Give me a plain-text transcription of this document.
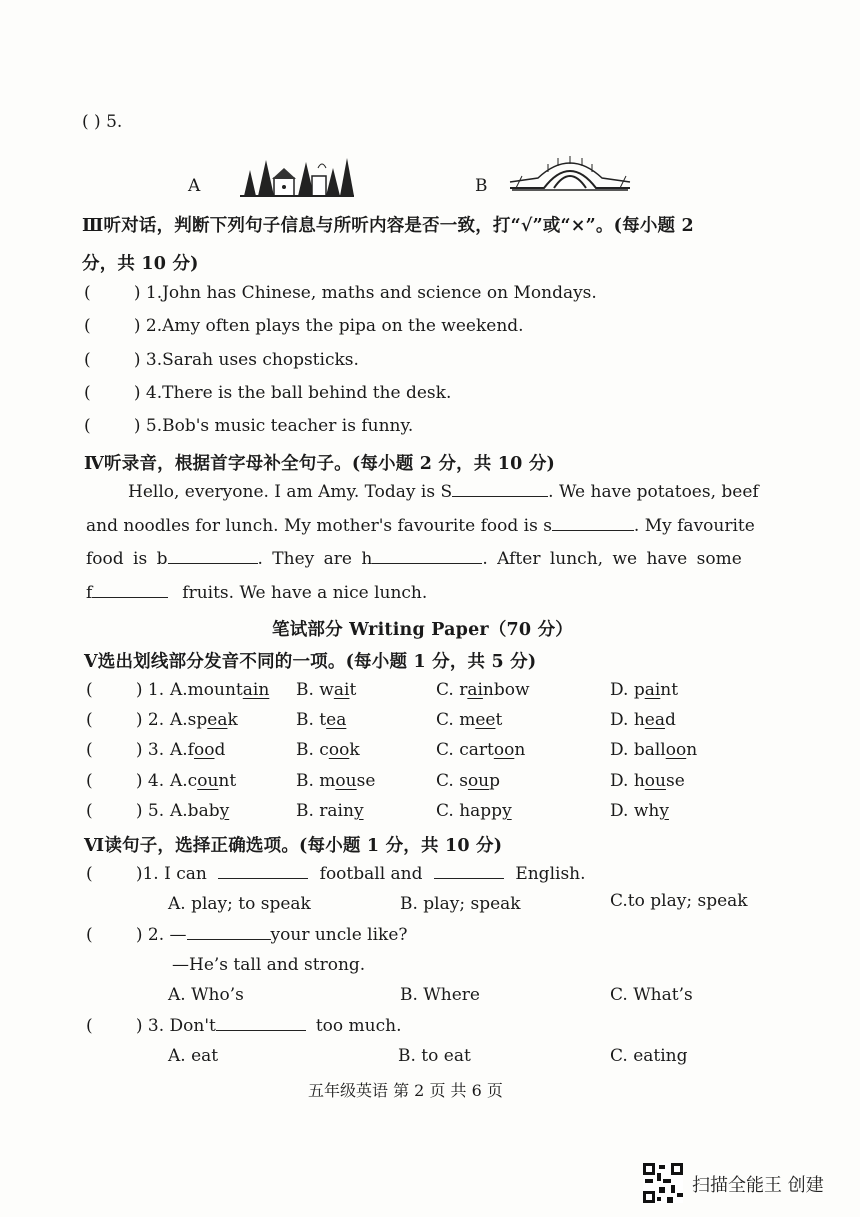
( ) 5.
A	B
Ⅲ听对话，判断下列句子信息与所听内容是否一致，打“√”或“×”。(每小题 2
分，共 10 分)
(        ) 1.John has Chinese, maths and science on Mondays.
(        ) 2.Amy often plays the pipa on the weekend.
(        ) 3.Sarah uses chopsticks.
(        ) 4.There is the ball behind the desk.
(        ) 5.Bob's music teacher is funny.
Ⅳ听录音，根据首字母补全句子。(每小题 2 分，共 10 分)
Hello, everyone. I am Amy. Today is S	. We have potatoes, beef
and noodles for lunch. My mother's favourite food is s	. My favourite
food is b	. They are h	. After lunch, we have some
f	fruits. We have a nice lunch.
笔试部分 Writing Paper（70 分）
Ⅴ选出划线部分发音不同的一项。(每小题 1 分，共 5 分)
(        ) 1. A.mountain B. wait	C. rainbow	D. paint
(        ) 2. A.speak	B. tea	C. meet	D. head
(        ) 3. A.food	B. cook	C. cartoon	D. balloon
(        ) 4. A.count	B. mouse	C. soup	D. house
(        ) 5. A.baby	B. rainy	C. happy	D. why
Ⅵ读句子，选择正确选项。(每小题 1 分，共 10 分)
(        )1. I can	football and	English.
A. play; to speak	B. play; speak	C.to play; speak
(        ) 2. —	your uncle like?
—He’s tall and strong.
A. Who’s	B. Where	C. What’s
(        ) 3. Don't	too much.
A. eat	B. to eat	C. eating
五年级英语 第 2 页 共 6 页
扫描全能王 创建
